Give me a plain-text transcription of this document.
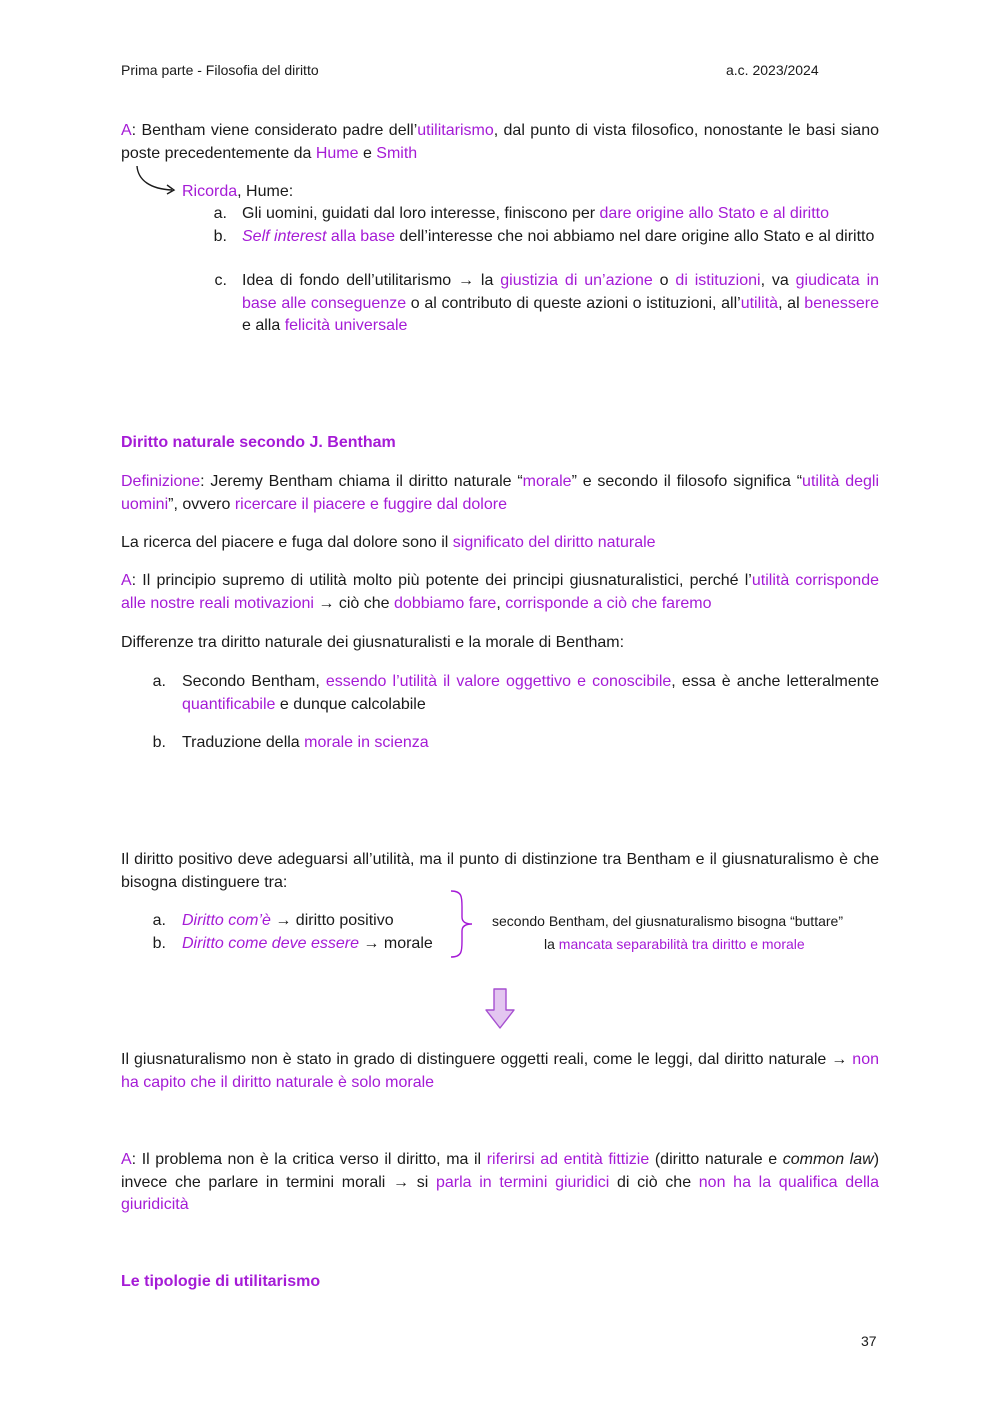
Prima parte - Filosofia del diritto	a.c. 2023/2024

A: Bentham viene considerato padre dell’utilitarismo, dal punto di vista filosofico, nonostante le basi siano poste precedentemente da Hume e Smith

Ricorda, Hume:
a. Gli uomini, guidati dal loro interesse, finiscono per dare origine allo Stato e al diritto

b. Self interest alla base dell’interesse che noi abbiamo nel dare origine allo Stato e al diritto

c. Idea di fondo dell’utilitarismo → la giustizia di un’azione o di istituzioni, va giudicata in base alle conseguenze o al contributo di queste azioni o istituzioni, all’utilità, al benessere e alla felicità universale

Diritto naturale secondo J. Bentham

Definizione: Jeremy Bentham chiama il diritto naturale “morale” e secondo il filosofo significa “utilità degli uomini”, ovvero ricercare il piacere e fuggire dal dolore

La ricerca del piacere e fuga dal dolore sono il significato del diritto naturale

A: Il principio supremo di utilità molto più potente dei principi giusnaturalistici, perché l’utilità corrisponde alle nostre reali motivazioni → ciò che dobbiamo fare, corrisponde a ciò che faremo

Differenze tra diritto naturale dei giusnaturalisti e la morale di Bentham:

a. Secondo Bentham, essendo l’utilità il valore oggettivo e conoscibile, essa è anche letteralmente quantificabile e dunque calcolabile

b. Traduzione della morale in scienza

Il diritto positivo deve adeguarsi all’utilità, ma il punto di distinzione tra Bentham e il giusnaturalismo è che bisogna distinguere tra:

a. Diritto com’è → diritto positivo

b. Diritto come deve essere → morale

secondo Bentham, del giusnaturalismo bisogna “buttare”
la mancata separabilità tra diritto e morale

Il giusnaturalismo non è stato in grado di distinguere oggetti reali, come le leggi, dal diritto naturale → non ha capito che il diritto naturale è solo morale

A: Il problema non è la critica verso il diritto, ma il riferirsi ad entità fittizie (diritto naturale e common law) invece che parlare in termini morali → si parla in termini giuridici di ciò che non ha la qualifica della giuridicità

Le tipologie di utilitarismo
37
